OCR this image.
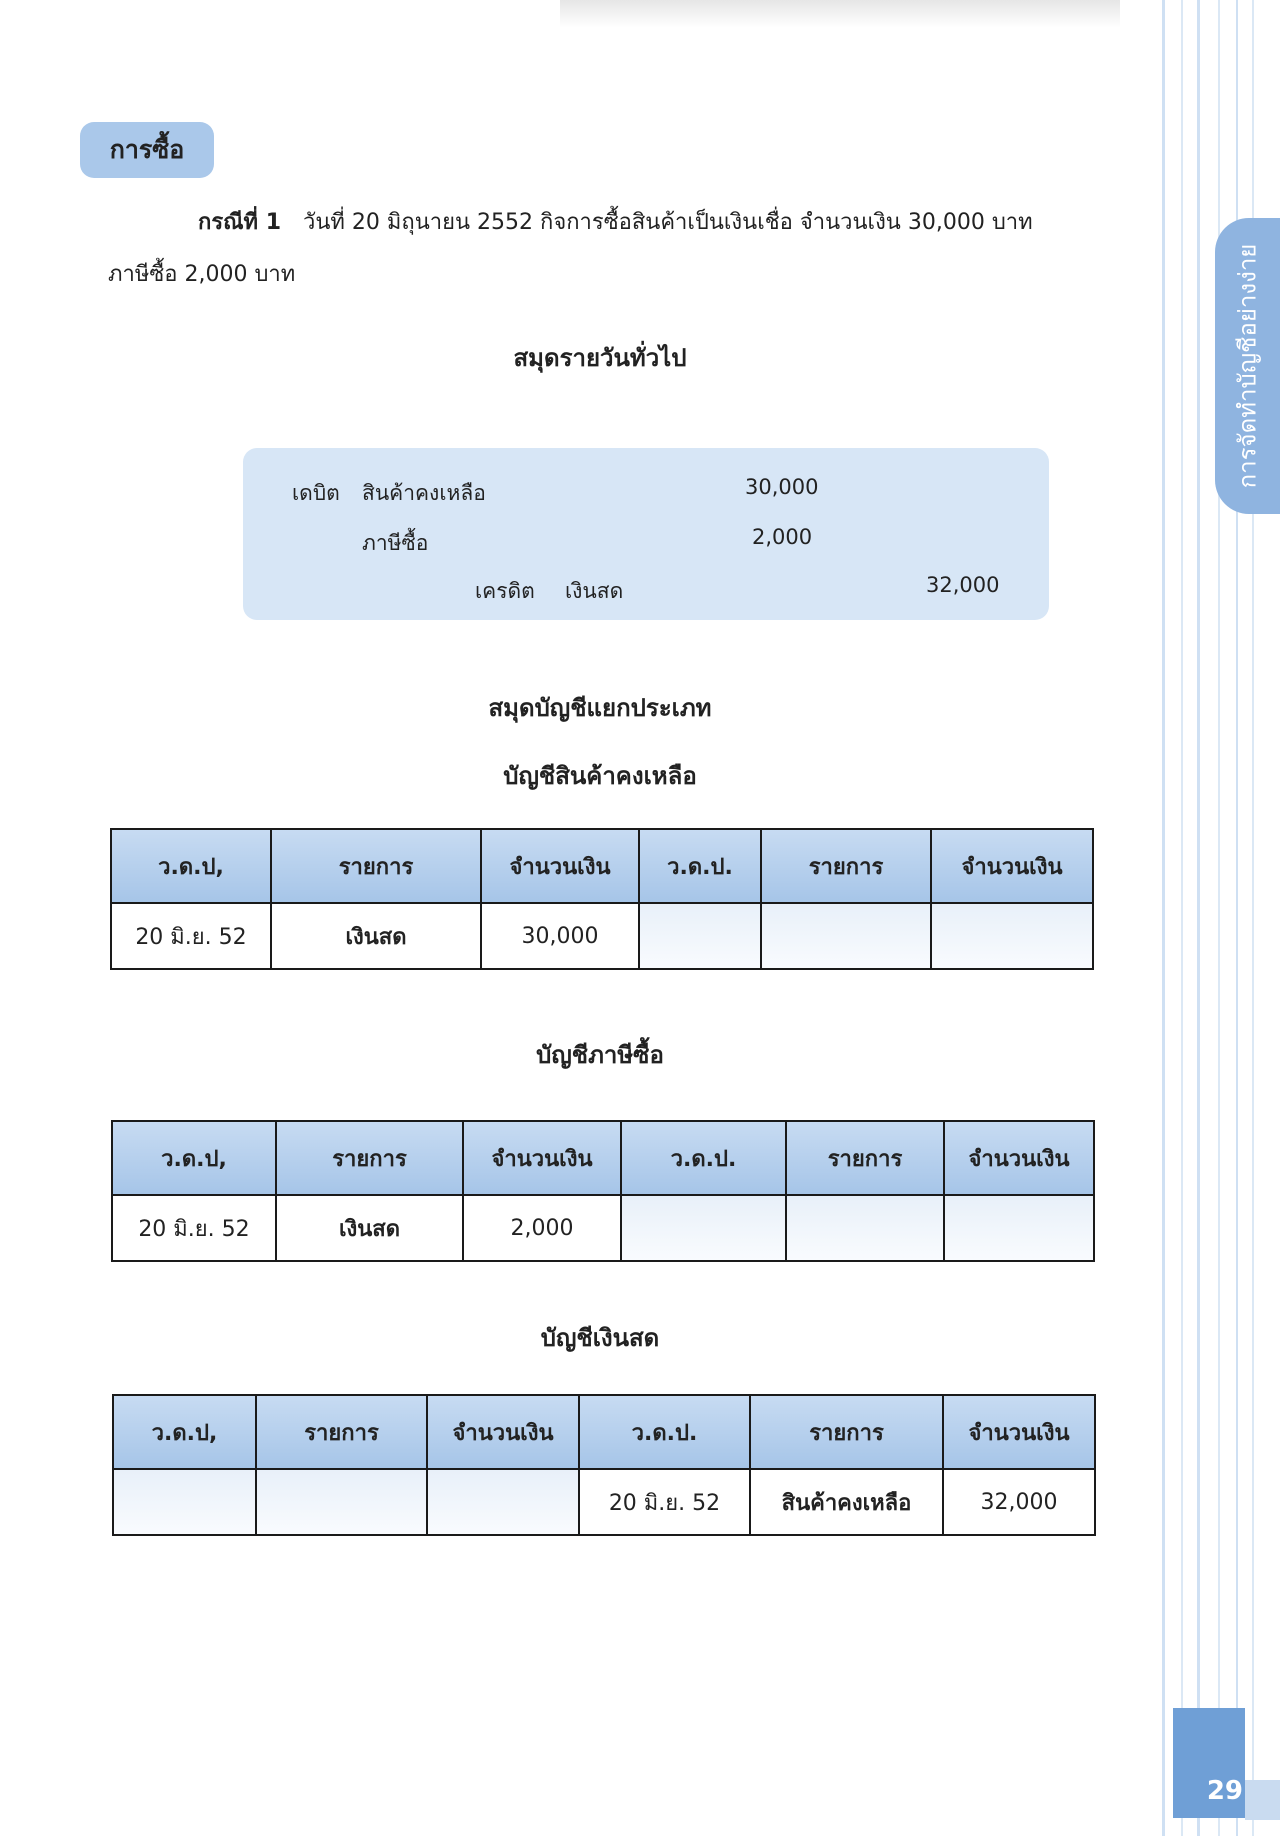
การจัดทำบัญชีอย่างง่าย
29
การซื้อ
กรณีที่ 1 วันที่ 20 มิถุนายน 2552 กิจการซื้อสินค้าเป็นเงินเชื่อ จำนวนเงิน 30,000 บาท
ภาษีซื้อ 2,000 บาท
สมุดรายวันทั่วไป
เดบิต สินค้าคงเหลือ	30,000
ภาษีซื้อ	2,000
เครดิต เงินสด	32,000
สมุดบัญชีแยกประเภท
บัญชีสินค้าคงเหลือ
ว.ด.ป,	รายการ	จำนวนเงิน	ว.ด.ป.	รายการ	จำนวนเงิน
20 มิ.ย. 52	เงินสด	30,000			
บัญชีภาษีซื้อ
ว.ด.ป,	รายการ	จำนวนเงิน	ว.ด.ป.	รายการ	จำนวนเงิน
20 มิ.ย. 52	เงินสด	2,000			
บัญชีเงินสด
ว.ด.ป,	รายการ	จำนวนเงิน	ว.ด.ป.	รายการ	จำนวนเงิน
			20 มิ.ย. 52	สินค้าคงเหลือ	32,000
